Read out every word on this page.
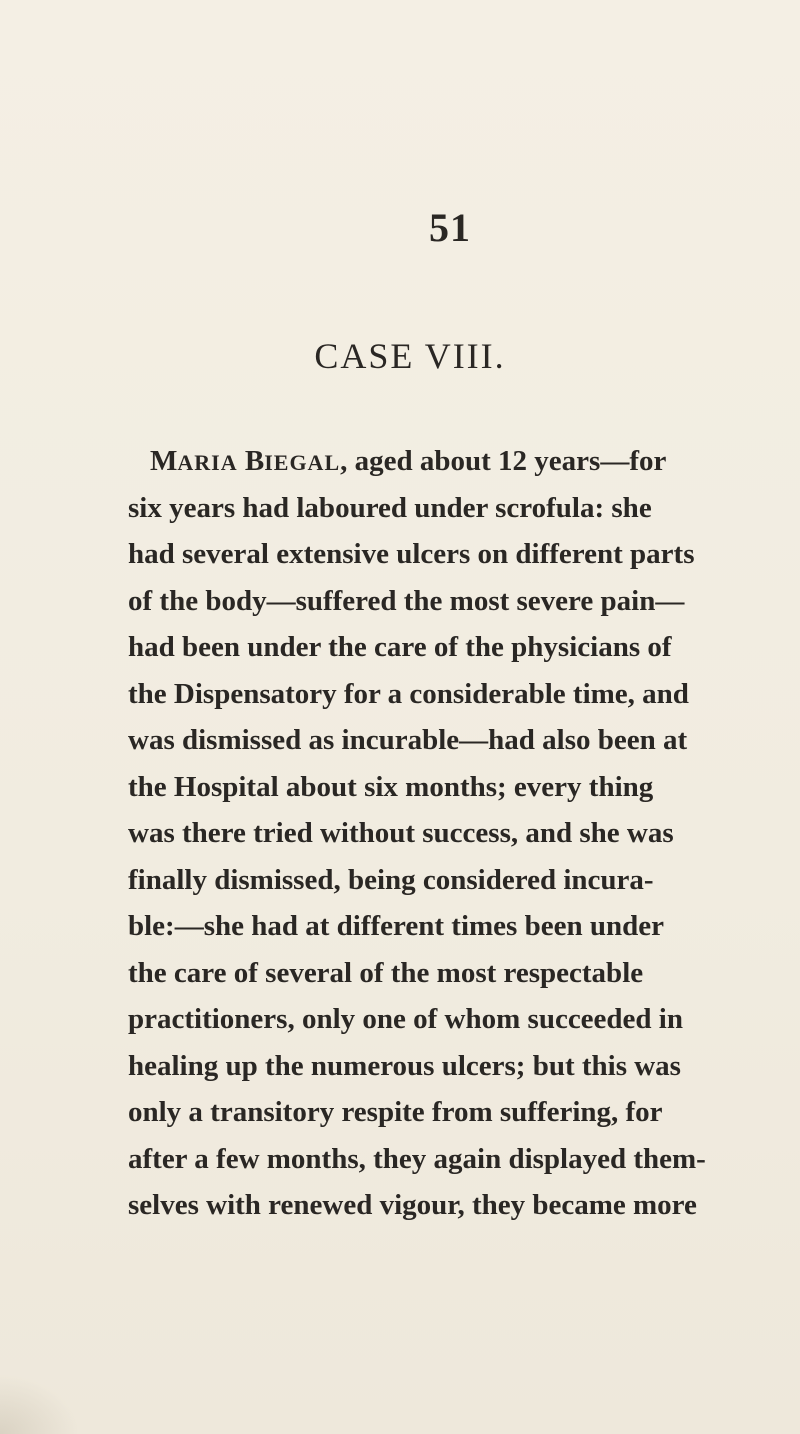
51
CASE VIII.
MARIA BIEGAL, aged about 12 years—for
six years had laboured under scrofula: she
had several extensive ulcers on different parts
of the body—suffered the most severe pain—
had been under the care of the physicians of
the Dispensatory for a considerable time, and
was dismissed as incurable—had also been at
the Hospital about six months; every thing
was there tried without success, and she was
finally dismissed, being considered incura-
ble:—she had at different times been under
the care of several of the most respectable
practitioners, only one of whom succeeded in
healing up the numerous ulcers; but this was
only a transitory respite from suffering, for
after a few months, they again displayed them-
selves with renewed vigour, they became more
